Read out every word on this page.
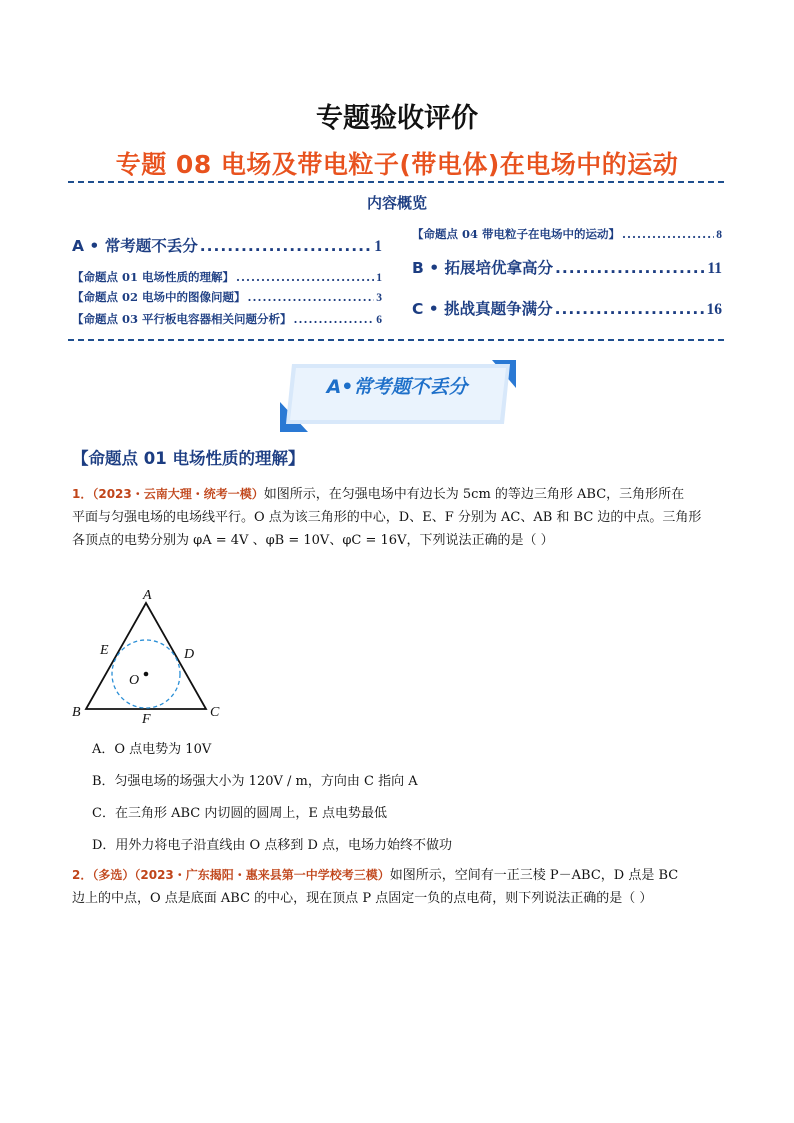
专题验收评价
专题 08 电场及带电粒子(带电体)在电场中的运动
内容概览
A • 常考题不丢分 .....	1
【命题点 01 电场性质的理解】 .....	1
【命题点 02 电场中的图像问题】 .....	3
【命题点 03 平行板电容器相关问题分析】 .....	6
【命题点 04 带电粒子在电场中的运动】 .....	8
B • 拓展培优拿高分 .....	11
C • 挑战真题争满分 .....	16
A•常考题不丢分
【命题点 01 电场性质的理解】
1．（2023・云南大理・统考一模）如图所示，在匀强电场中有边长为 5cm 的等边三角形 ABC，三角形所在
平面与匀强电场的电场线平行。O 点为该三角形的中心，D、E、F 分别为 AC、AB 和 BC 边的中点。三角形
各顶点的电势分别为 φA = 4V 、φB = 10V、φC = 16V，下列说法正确的是（ ）
A
B	C
D
E
F
O
A．O 点电势为 10V
B．匀强电场的场强大小为 120V / m，方向由 C 指向 A
C．在三角形 ABC 内切圆的圆周上，E 点电势最低
D．用外力将电子沿直线由 O 点移到 D 点，电场力始终不做功
2．（多选）（2023・广东揭阳・惠来县第一中学校考三模）如图所示，空间有一正三棱 P－ABC，D 点是 BC
边上的中点，O 点是底面 ABC 的中心，现在顶点 P 点固定一负的点电荷，则下列说法正确的是（ ）
